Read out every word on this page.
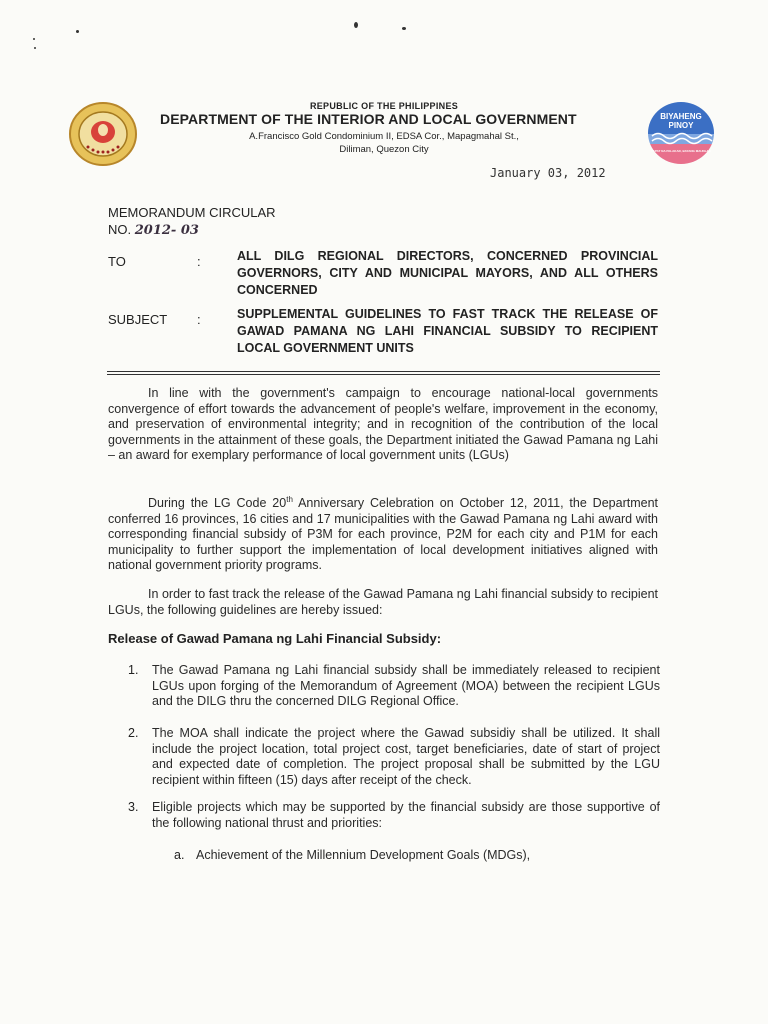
REPUBLIC OF THE PHILIPPINES
DEPARTMENT OF THE INTERIOR AND LOCAL GOVERNMENT
A.Francisco Gold Condominium II, EDSA Cor., Mapagmahal St.,
Diliman, Quezon City
BIYAHENG
PINOY
TAPAT NA PALAKAD, BAYANG MAUNLAD
January 03, 2012
MEMORANDUM CIRCULAR
NO. 2012- 03
TO	:	ALL DILG REGIONAL DIRECTORS, CONCERNED PROVINCIAL GOVERNORS, CITY AND MUNICIPAL MAYORS, AND ALL OTHERS CONCERNED
SUBJECT :	SUPPLEMENTAL GUIDELINES TO FAST TRACK THE RELEASE OF GAWAD PAMANA NG LAHI FINANCIAL SUBSIDY TO RECIPIENT LOCAL GOVERNMENT UNITS
In line with the government's campaign to encourage national-local governments convergence of effort towards the advancement of people's welfare, improvement in the economy, and preservation of environmental integrity; and in recognition of the contribution of the local governments in the attainment of these goals, the Department initiated the Gawad Pamana ng Lahi – an award for exemplary performance of local government units (LGUs)
During the LG Code 20th Anniversary Celebration on October 12, 2011, the Department conferred 16 provinces, 16 cities and 17 municipalities with the Gawad Pamana ng Lahi award with corresponding financial subsidy of P3M for each province, P2M for each city and P1M for each municipality to further support the implementation of local development initiatives aligned with national government priority programs.
In order to fast track the release of the Gawad Pamana ng Lahi financial subsidy to recipient LGUs, the following guidelines are hereby issued:
Release of Gawad Pamana ng Lahi Financial Subsidy:
1. The Gawad Pamana ng Lahi financial subsidy shall be immediately released to recipient LGUs upon forging of the Memorandum of Agreement (MOA) between the recipient LGUs and the DILG thru the concerned DILG Regional Office.
2. The MOA shall indicate the project where the Gawad subsidiy shall be utilized. It shall include the project location, total project cost, target beneficiaries, date of start of project and expected date of completion. The project proposal shall be submitted by the LGU recipient within fifteen (15) days after receipt of the check.
3. Eligible projects which may be supported by the financial subsidy are those supportive of the following national thrust and priorities:
a. Achievement of the Millennium Development Goals (MDGs),
